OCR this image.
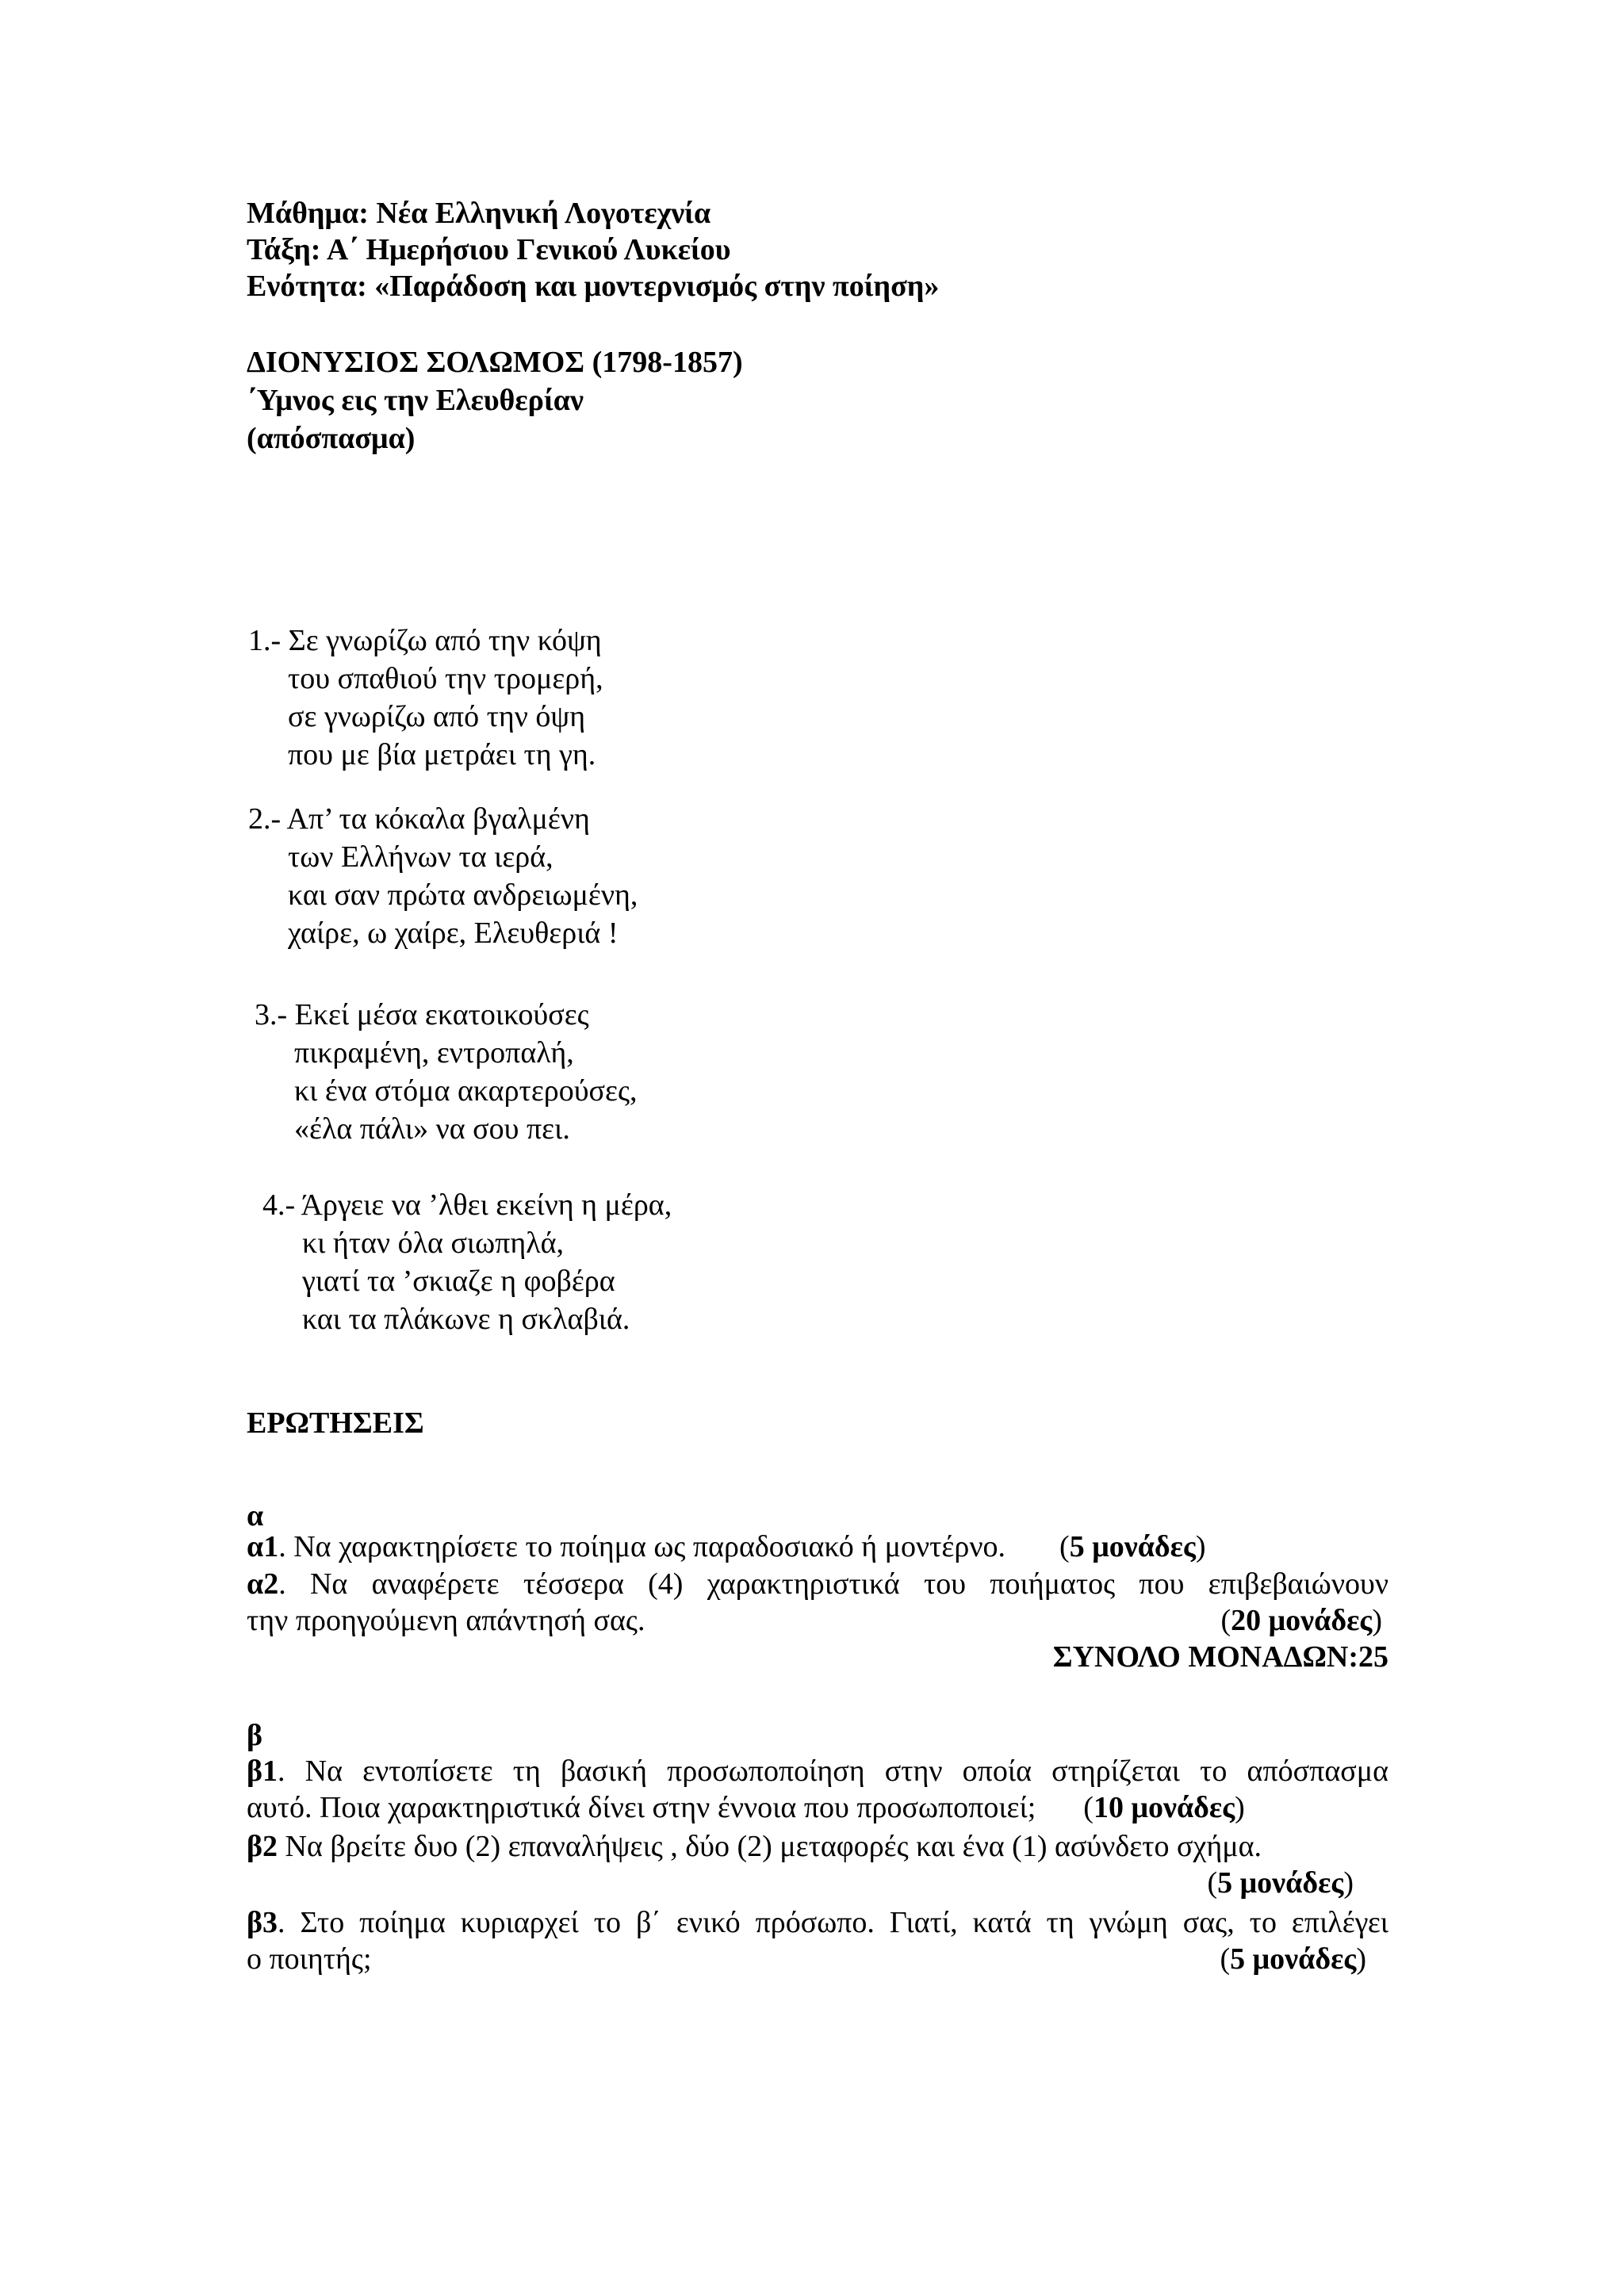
Μάθημα: Νέα Ελληνική Λογοτεχνία
Τάξη: Α΄ Ημερήσιου Γενικού Λυκείου
Ενότητα: «Παράδοση και μοντερνισμός στην ποίηση»
ΔΙΟΝΥΣΙΟΣ ΣΟΛΩΜΟΣ (1798-1857)
΄Υμνος εις την Ελευθερίαν
(απόσπασμα)
1.- Σε γνωρίζω από την κόψη
του σπαθιού την τρομερή,
σε γνωρίζω από την όψη
που με βία μετράει τη γη.
2.- Απ’ τα κόκαλα βγαλμένη
των Ελλήνων τα ιερά,
και σαν πρώτα ανδρειωμένη,
χαίρε, ω χαίρε, Ελευθεριά !
3.- Εκεί μέσα εκατοικούσες
πικραμένη, εντροπαλή,
κι ένα στόμα ακαρτερούσες,
«έλα πάλι» να σου πει.
4.- Άργειε να ’λθει εκείνη η μέρα,
κι ήταν όλα σιωπηλά,
γιατί τα ’σκιαζε η φοβέρα
και τα πλάκωνε η σκλαβιά.
ΕΡΩΤΗΣΕΙΣ
α
α1. Να χαρακτηρίσετε το ποίημα ως παραδοσιακό ή μοντέρνο. (5 μονάδες)
α2. Να αναφέρετε τέσσερα (4) χαρακτηριστικά του ποιήματος που επιβεβαιώνουν
την προηγούμενη απάντησή σας.	(20 μονάδες)
ΣΥΝΟΛΟ ΜΟΝΑΔΩΝ:25
β
β1. Να εντοπίσετε τη βασική προσωποποίηση στην οποία στηρίζεται το απόσπασμα
αυτό. Ποια χαρακτηριστικά δίνει στην έννοια που προσωποποιεί; (10 μονάδες)
β2 Να βρείτε δυο (2) επαναλήψεις , δύο (2) μεταφορές και ένα (1) ασύνδετο σχήμα.
(5 μονάδες)
β3. Στο ποίημα κυριαρχεί το β΄ ενικό πρόσωπο. Γιατί, κατά τη γνώμη σας, το επιλέγει
ο ποιητής;	(5 μονάδες)
